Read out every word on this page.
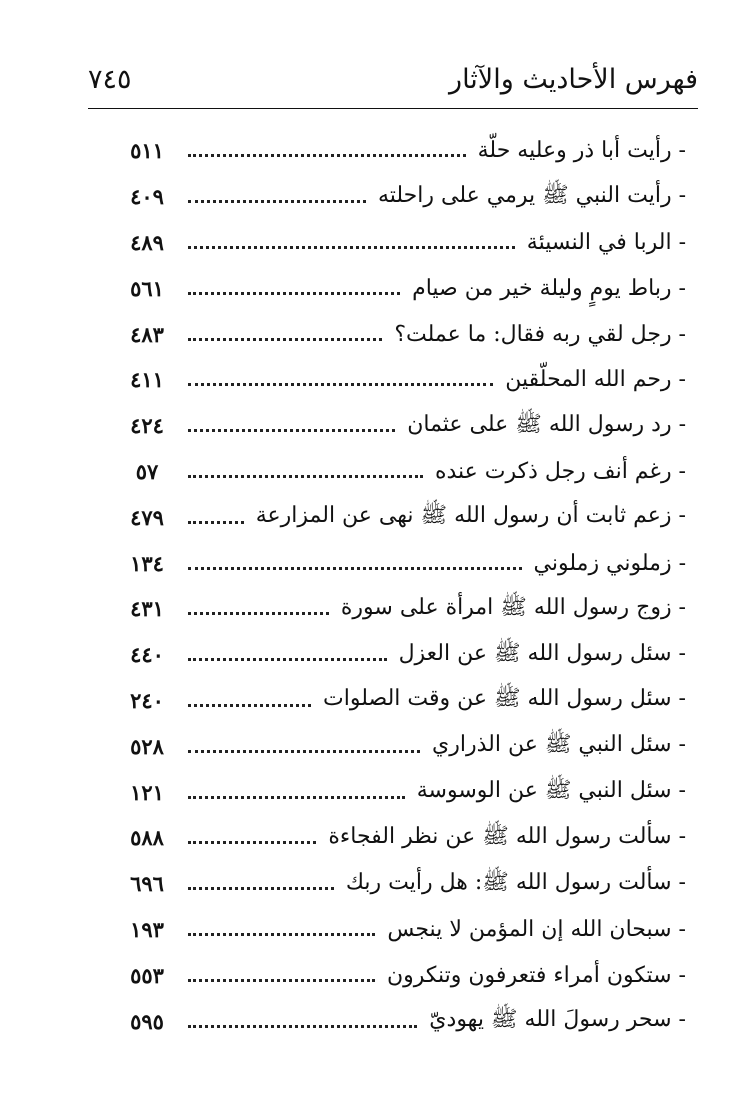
فهرس الأحاديث والآثار
٧٤٥
٥١١	- رأيت أبا ذر وعليه حلّة
٤٠٩	- رأيت النبي ﷺ يرمي على راحلته
٤٨٩	- الربا في النسيئة
٥٦١	- رباط يومٍ وليلة خير من صيام
٤٨٣	- رجل لقي ربه فقال: ما عملت؟
٤١١	- رحم الله المحلّقين
٤٢٤	- رد رسول الله ﷺ على عثمان
٥٧	- رغم أنف رجل ذكرت عنده
٤٧٩	- زعم ثابت أن رسول الله ﷺ نهى عن المزارعة
١٣٤	- زملوني زملوني
٤٣١	- زوج رسول الله ﷺ امرأة على سورة
٤٤٠	- سئل رسول الله ﷺ عن العزل
٢٤٠	- سئل رسول الله ﷺ عن وقت الصلوات
٥٢٨	- سئل النبي ﷺ عن الذراري
١٢١	- سئل النبي ﷺ عن الوسوسة
٥٨٨	- سألت رسول الله ﷺ عن نظر الفجاءة
٦٩٦	- سألت رسول الله ﷺ: هل رأيت ربك
١٩٣	- سبحان الله إن المؤمن لا ينجس
٥٥٣	- ستكون أمراء فتعرفون وتنكرون
٥٩٥	- سحر رسولَ الله ﷺ يهوديّ
